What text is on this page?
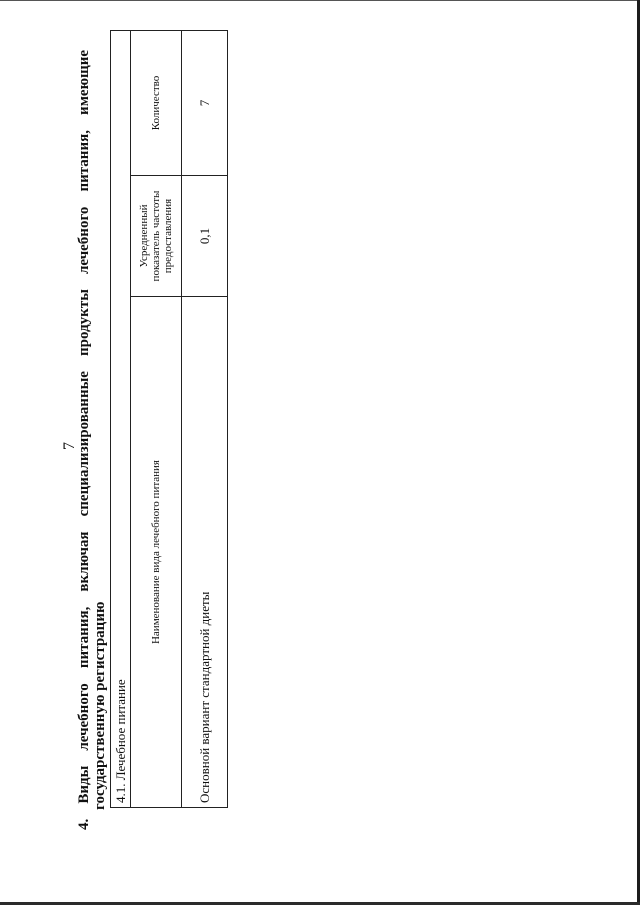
7
4. Виды лечебного питания, включая специализированные продукты лечебного питания, имеющие государственную регистрацию 4.1. Лечебное питание
Наименование вида лечебного питания
Усредненный показатель частоты предоставления
Количество
Основной вариант стандартной диеты
0,1
7
